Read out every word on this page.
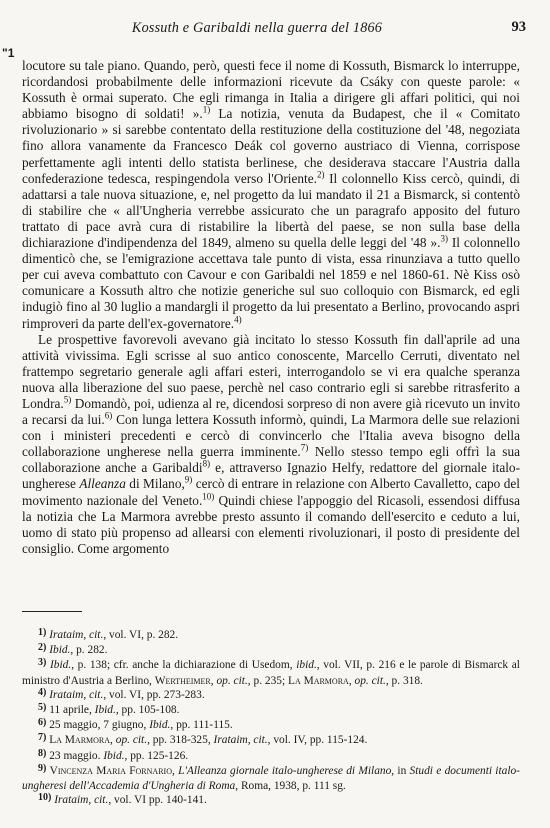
Kossuth e Garibaldi nella guerra del 1866	93
"1

locutore su tale piano. Quando, però, questi fece il nome di Kossuth, Bismarck lo interruppe, ricordandosi probabilmente delle informazioni ricevute da Csáky con queste parole: « Kossuth è ormai superato. Che egli rimanga in Italia a dirigere gli affari politici, qui noi abbiamo bisogno di soldati! ».$^{1)}$ La notizia, venuta da Budapest, che il « Comitato rivoluzionario » si sarebbe contentato della restituzione della costituzione del '48, negoziata fino allora vanamente da Francesco Deák col governo austriaco di Vienna, corrispose perfettamente agli intenti dello statista berlinese, che desiderava staccare l'Austria dalla confederazione tedesca, respingendola verso l'Oriente.$^{2)}$ Il colonnello Kiss cercò, quindi, di adattarsi a tale nuova situazione, e, nel progetto da lui mandato il 21 a Bismarck, si contentò di stabilire che « all'Ungheria verrebbe assicurato che un paragrafo apposito del futuro trattato di pace avrà cura di ristabilire la libertà del paese, se non sulla base della dichiarazione d'indipendenza del 1849, almeno su quella delle leggi del '48 ».$^{3)}$ Il colonnello dimenticò che, se l'emigrazione accettava tale punto di vista, essa rinunziava a tutto quello per cui aveva combattuto con Cavour e con Garibaldi nel 1859 e nel 1860-61. Nè Kiss osò comunicare a Kossuth altro che notizie generiche sul suo colloquio con Bismarck, ed egli indugiò fino al 30 luglio a mandargli il progetto da lui presentato a Berlino, provocando aspri rimproveri da parte dell'ex-governatore.$^{4)}$

Le prospettive favorevoli avevano già incitato lo stesso Kossuth fin dall'aprile ad una attività vivissima. Egli scrisse al suo antico conoscente, Marcello Cerruti, diventato nel frattempo segretario generale agli affari esteri, interrogandolo se vi era qualche speranza nuova alla liberazione del suo paese, perchè nel caso contrario egli si sarebbe ritrasferito a Londra.$^{5)}$ Domandò, poi, udienza al re, dicendosi sorpreso di non avere già ricevuto un invito a recarsi da lui.$^{6)}$ Con lunga lettera Kossuth informò, quindi, La Marmora delle sue relazioni con i ministeri precedenti e cercò di convincerlo che l'Italia aveva bisogno della collaborazione ungherese nella guerra imminente.$^{7)}$ Nello stesso tempo egli offrì la sua collaborazione anche a Garibaldi$^{8)}$ e, attraverso Ignazio Helfy, redattore del giornale italo-ungherese Alleanza di Milano,$^{9)}$ cercò di entrare in relazione con Alberto Cavalletto, capo del movimento nazionale del Veneto.$^{10)}$ Quindi chiese l'appoggio del Ricasoli, essendosi diffusa la notizia che La Marmora avrebbe presto assunto il comando dell'esercito e ceduto a lui, uomo di stato più propenso ad allearsi con elementi rivoluzionari, il posto di presidente del consiglio. Come argomento

1) Irataim, cit., vol. VI, p. 282.

2) Ibid., p. 282.

3) Ibid., p. 138; cfr. anche la dichiarazione di Usedom, ibid., vol. VII, p. 216 e le parole di Bismarck al ministro d'Austria a Berlino, Wertheimer, op. cit., p. 235; La Marmora, op. cit., p. 318.

4) Irataim, cit., vol. VI, pp. 273-283.

5) 11 aprile, Ibid., pp. 105-108.

6) 25 maggio, 7 giugno, Ibid., pp. 111-115.

7) La Marmora, op. cit., pp. 318-325, Irataim, cit., vol. IV, pp. 115-124.

8) 23 maggio. Ibid., pp. 125-126.

9) Vincenza Maria Fornario, L'Alleanza giornale italo-ungherese di Milano, in Studi e documenti italo-ungheresi dell'Accademia d'Ungheria di Roma, Roma, 1938, p. 111 sg.

10) Irataim, cit., vol. VI pp. 140-141.
